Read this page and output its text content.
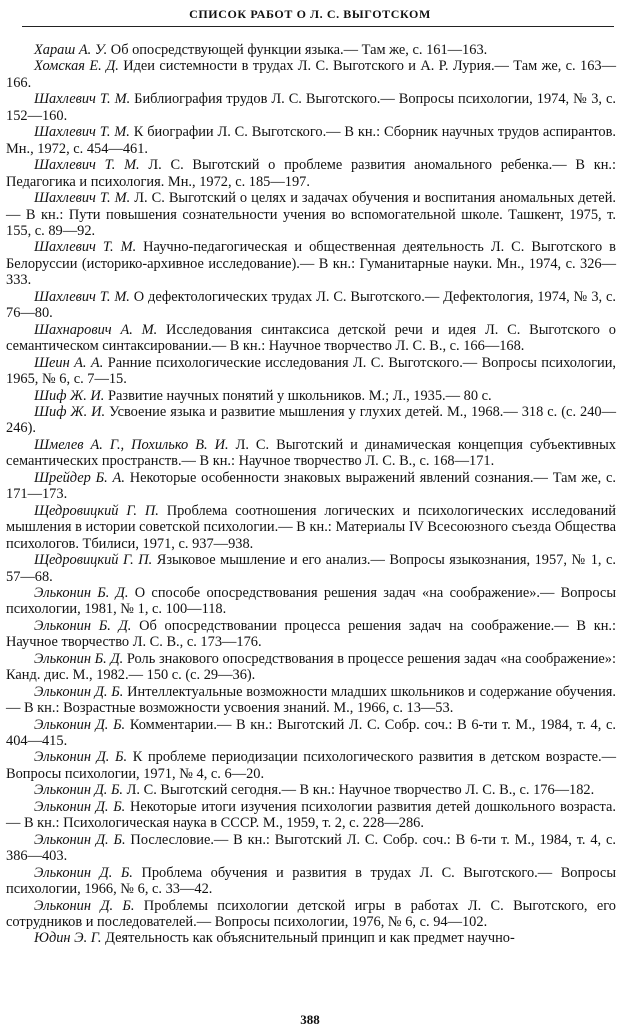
СПИСОК РАБОТ О Л. С. ВЫГОТСКОМ

Хараш А. У. Об опосредствующей функции языка.— Там же, с. 161—163.

Хомская Е. Д. Идеи системности в трудах Л. С. Выготского и А. Р. Лурия.— Там же, с. 163—166.

Шахлевич Т. М. Библиография трудов Л. С. Выготского.— Вопросы психологии, 1974, № 3, с. 152—160.

Шахлевич Т. М. К биографии Л. С. Выготского.— В кн.: Сборник научных трудов аспирантов. Мн., 1972, с. 454—461.

Шахлевич Т. М. Л. С. Выготский о проблеме развития аномального ребенка.— В кн.: Педагогика и психология. Мн., 1972, с. 185—197.

Шахлевич Т. М. Л. С. Выготский о целях и задачах обучения и воспитания аномальных детей.— В кн.: Пути повышения сознательности учения во вспомогательной школе. Ташкент, 1975, т. 155, с. 89—92.

Шахлевич Т. М. Научно-педагогическая и общественная деятельность Л. С. Выготского в Белоруссии (историко-архивное исследование).— В кн.: Гуманитарные науки. Мн., 1974, с. 326—333.

Шахлевич Т. М. О дефектологических трудах Л. С. Выготского.— Дефектология, 1974, № 3, с. 76—80.

Шахнарович А. М. Исследования синтаксиса детской речи и идея Л. С. Выготского о семантическом синтаксировании.— В кн.: Научное творчество Л. С. В., с. 166—168.

Шеин А. А. Ранние психологические исследования Л. С. Выготского.— Вопросы психологии, 1965, № 6, с. 7—15.

Шиф Ж. И. Развитие научных понятий у школьников. М.; Л., 1935.— 80 с.

Шиф Ж. И. Усвоение языка и развитие мышления у глухих детей. М., 1968.— 318 с. (с. 240—246).

Шмелев А. Г., Похилько В. И. Л. С. Выготский и динамическая концепция субъективных семантических пространств.— В кн.: Научное творчество Л. С. В., с. 168—171.

Шрейдер Б. А. Некоторые особенности знаковых выражений явлений сознания.— Там же, с. 171—173.

Щедровицкий Г. П. Проблема соотношения логических и психологических исследований мышления в истории советской психологии.— В кн.: Материалы IV Всесоюзного съезда Общества психологов. Тбилиси, 1971, с. 937—938.

Щедровицкий Г. П. Языковое мышление и его анализ.— Вопросы языкознания, 1957, № 1, с. 57—68.

Эльконин Б. Д. О способе опосредствования решения задач «на соображение».— Вопросы психологии, 1981, № 1, с. 100—118.

Эльконин Б. Д. Об опосредствовании процесса решения задач на соображение.— В кн.: Научное творчество Л. С. В., с. 173—176.

Эльконин Б. Д. Роль знакового опосредствования в процессе решения задач «на соображение»: Канд. дис. М., 1982.— 150 с. (с. 29—36).

Эльконин Д. Б. Интеллектуальные возможности младших школьников и содержание обучения.— В кн.: Возрастные возможности усвоения знаний. М., 1966, с. 13—53.

Эльконин Д. Б. Комментарии.— В кн.: Выготский Л. С. Собр. соч.: В 6-ти т. М., 1984, т. 4, с. 404—415.

Эльконин Д. Б. К проблеме периодизации психологического развития в детском возрасте.— Вопросы психологии, 1971, № 4, с. 6—20.

Эльконин Д. Б. Л. С. Выготский сегодня.— В кн.: Научное творчество Л. С. В., с. 176—182.

Эльконин Д. Б. Некоторые итоги изучения психологии развития детей дошкольного возраста.— В кн.: Психологическая наука в СССР. М., 1959, т. 2, с. 228—286.

Эльконин Д. Б. Послесловие.— В кн.: Выготский Л. С. Собр. соч.: В 6-ти т. М., 1984, т. 4, с. 386—403.

Эльконин Д. Б. Проблема обучения и развития в трудах Л. С. Выготского.— Вопросы психологии, 1966, № 6, с. 33—42.

Эльконин Д. Б. Проблемы психологии детской игры в работах Л. С. Выготского, его сотрудников и последователей.— Вопросы психологии, 1976, № 6, с. 94—102.

Юдин Э. Г. Деятельность как объяснительный принцип и как предмет научно-

388
